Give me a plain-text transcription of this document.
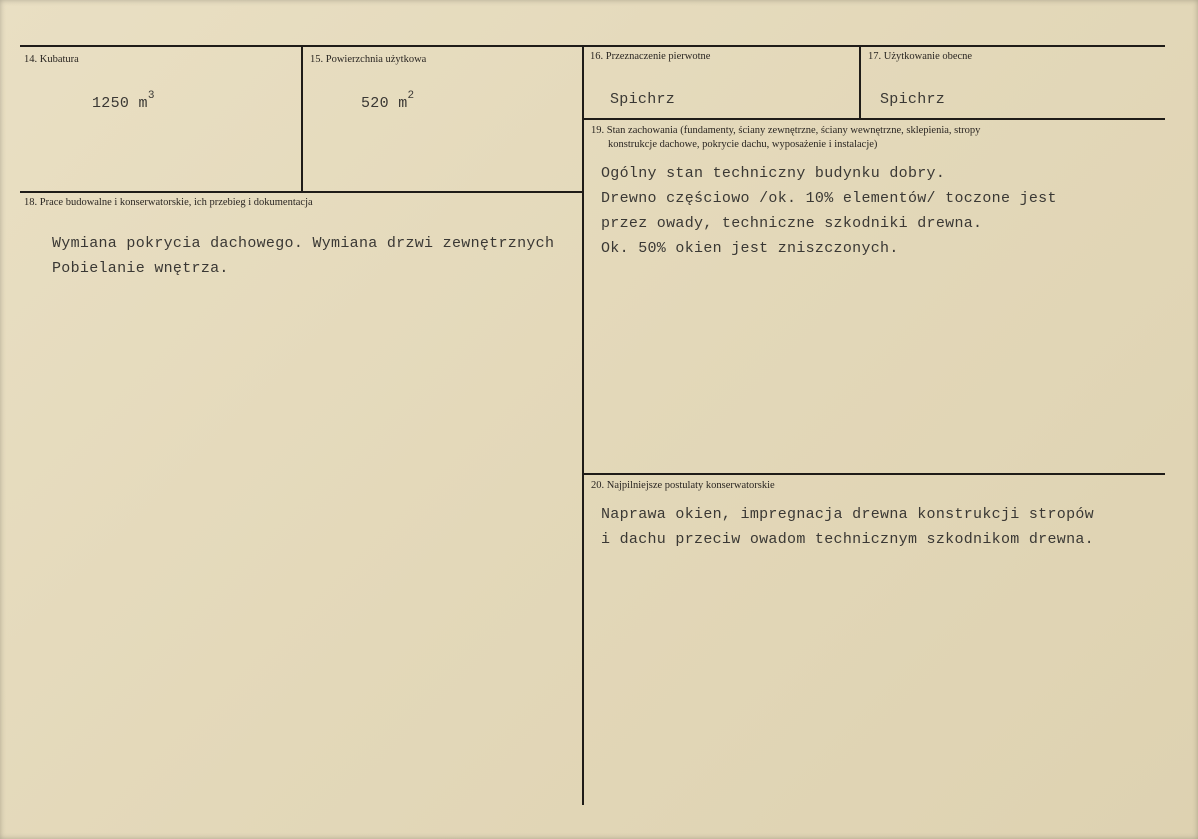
14. Kubatura
1250 $m^3$
15. Powierzchnia użytkowa
520 $m^2$
16. Przeznaczenie pierwotne
Spichrz
17. Użytkowanie obecne
Spichrz
19. Stan zachowania (fundamenty, ściany zewnętrzne, ściany wewnętrzne, sklepienia, stropy
konstrukcje dachowe, pokrycie dachu, wyposażenie i instalacje)
Ogólny stan techniczny budynku dobry.
Drewno częściowo /ok. 10% elementów/ toczone jest
przez owady, techniczne szkodniki drewna.
Ok. 50% okien jest zniszczonych.
18. Prace budowalne i konserwatorskie, ich przebieg i dokumentacja
Wymiana pokrycia dachowego. Wymiana drzwi zewnętrznych
Pobielanie wnętrza.
20. Najpilniejsze postulaty konserwatorskie
Naprawa okien, impregnacja drewna konstrukcji stropów
i dachu przeciw owadom technicznym szkodnikom drewna.
